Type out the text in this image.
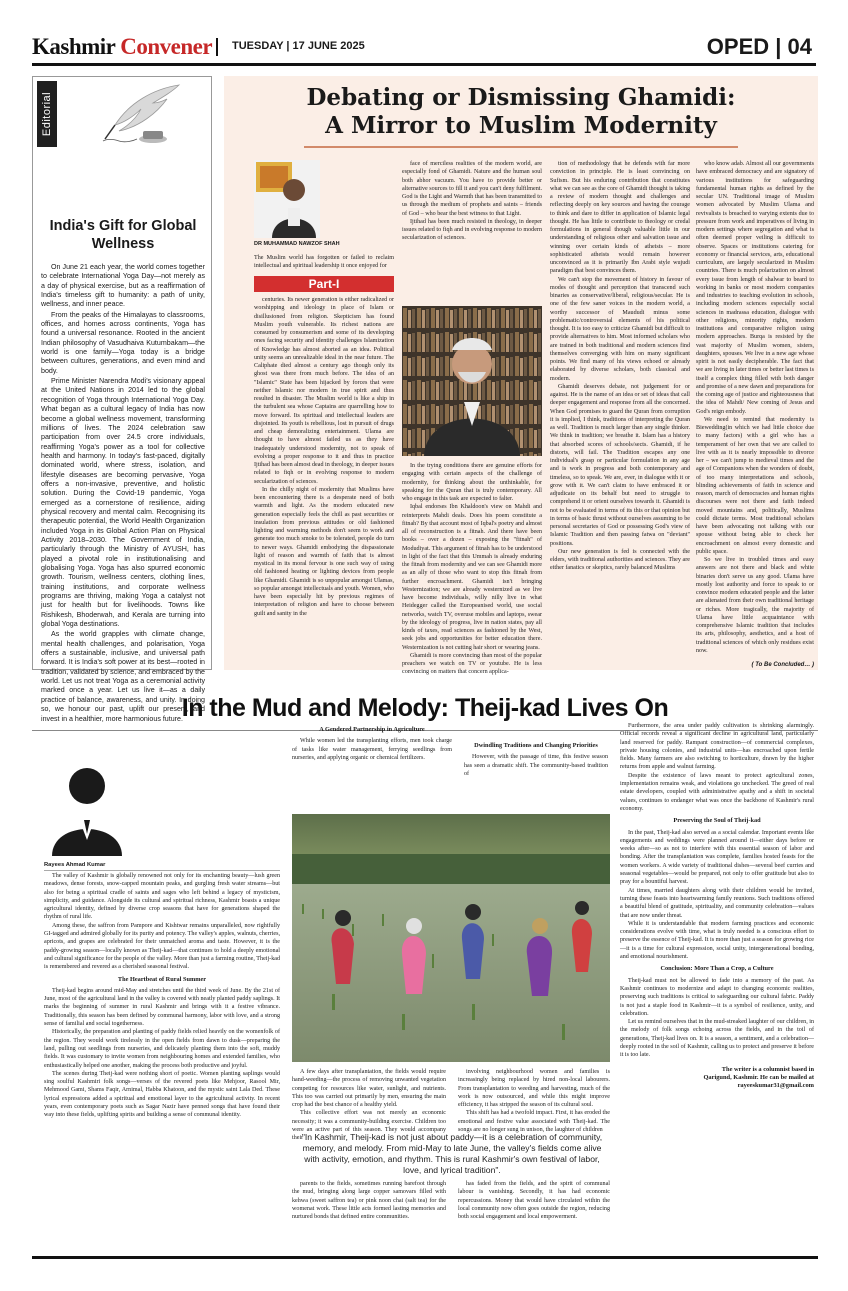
Kashmir Convener TUESDAY | 17 JUNE 2025	OPED | 04
Editorial
India's Gift for Global Wellness

On June 21 each year, the world comes together to celebrate International Yoga Day—not merely as a day of physical exercise, but as a reaffirmation of India's timeless gift to humanity: a path of unity, wellness, and inner peace.

From the peaks of the Himalayas to classrooms, offices, and homes across continents, Yoga has found a universal resonance. Rooted in the ancient Indian philosophy of Vasudhaiva Kutumbakam—the world is one family—Yoga today is a bridge between cultures, generations, and even mind and body.

Prime Minister Narendra Modi's visionary appeal at the United Nations in 2014 led to the global recognition of Yoga through International Yoga Day. What began as a cultural legacy of India has now become a global wellness movement, transforming millions of lives. The 2024 celebration saw participation from over 24.5 crore individuals, reaffirming Yoga's power as a tool for collective health and harmony. In today's fast-paced, digitally dominated world, where stress, isolation, and lifestyle diseases are becoming pervasive, Yoga offers a non-invasive, preventive, and holistic solution. During the Covid-19 pandemic, Yoga emerged as a cornerstone of resilience, aiding physical recovery and mental calm. Recognising its therapeutic potential, the World Health Organization included Yoga in its Global Action Plan on Physical Activity 2018–2030. The Government of India, particularly through the Ministry of AYUSH, has played a pivotal role in institutionalising and globalising Yoga. Yoga has also spurred economic growth. Tourism, wellness centers, clothing lines, training institutions, and corporate wellness programs are thriving, making Yoga a catalyst not just for health but for livelihoods. Towns like Rishikesh, Bhoderwah, and Kerala are turning into global Yoga destinations.

As the world grapples with climate change, mental health challenges, and polarisation, Yoga offers a sustainable, inclusive, and universal path forward. It is India's soft power at its best—rooted in tradition, validated by science, and embraced by the world. Let us not treat Yoga as a ceremonial activity marked once a year. Let us live it—as a daily practice of balance, awareness, and unity. In doing so, we honour our past, uplift our present, and invest in a healthier, more harmonious future.

Debating or Dismissing Ghamidi:
A Mirror to Muslim Modernity
DR MUHAMMAD NAWZOF SHAH
The Muslim world has forgotten or failed to reclaim intellectual and spiritual leadership it once enjoyed for
Part-I

centuries. Its newer generation is either radicalized or worshipping and ideology in place of Islam or disillusioned from religion. Skepticism has found Muslim youth vulnerable. Its richest nations are consumed by consumerism and some of its developing ones facing security and identity challenges Islamization of Knowledge has almost aborted as an idea. Political unity seems an unrealizable ideal in the near future. The Caliphate died almost a century ago though only its ghost was there from much before. The idea of an "Islamic" State has been hijacked by forces that were neither Islamic nor modern in true spirit and thus resulted in disaster. The Muslim world is like a ship in the turbulent sea whose Captains are quarrelling how to move forward. Its spiritual and intellectual leaders are disjointed. Its youth is rebellious, lost in pursuit of drugs and cheap demoralizing entertainment. Ulama are thought to have almost failed us as they have inadequately understood modernity, not to speak of evolving a proper response to it and thus in practice Ijtihad has been almost dead in theology, in deeper issues related to fiqh or in evolving response to modern secularization of sciences.

In the chilly night of modernity that Muslims have been encountering there is a desperate need of both warmth and light. As the modern educated new generation especially feels the chill as past securities or insulation from previous attitudes or old fashioned lighting and warming methods don't seem to work and generate too much smoke to be tolerated, people do turn to newer ways. Ghamidi embodying the dispassionate light of reason and warmth of faith that is almost mystical in its moral fervour is one such way of using old fashioned heating or lighting devices from people like Ghamidi. Ghamidi is so unpopular amongst Ulamas, so popular amongst intellectuals and youth. Women, who have been especially hit by previous regimes of interpretation of religion and have to choose between guilt and sanity in the

face of merciless realities of the modern world, are especially fond of Ghamidi. Nature and the human soul both abhor vacuum. You have to provide better or alternative sources to fill it and you can't deny fulfilment. God is the Light and Warmth that has been transmitted to us through the medium of prophets and saints – friends of God – who bear the best witness to that Light.

Ijtihad has been much resisted in theology, in deeper issues related to fiqh and in evolving response to modern secularization of sciences.

In the trying conditions there are genuine efforts for engaging with certain aspects of the challenge of modernity, for thinking about the unthinkable, for speaking for the Quran that is truly contemporary. All who engage in this task are expected to falter.

Iqbal endorses Ibn Khaldoon's view on Mahdi and reinterprets Mahdi deals. Does his poem constitute a fitnah? By that account most of Iqbal's poetry and almost all of reconstruction is a fitnah. And there have been books – over a dozen – exposing the "fitnah" of Modudiyat. This argument of fitnah has to be understood in light of the fact that this Ummah is already enduring the fitnah from modernity and we can see Ghamidi more as an ally of those who want to stop this fitnah from further encroachment. Ghamidi isn't bringing Westernization; we are already westernized as we live have become individuals, willy nilly live in what Heidegger called the Europeanised world, use social networks, watch TV, overuse mobiles and laptops, swear by the ideology of progress, live in nation states, pay all kinds of taxes, read sciences as fashioned by the West, seek jobs and opportunities for better education there. Westernization is not cutting hair short or wearing jeans.

Ghamidi is more convincing than most of the popular preachers we watch on TV or youtube. He is less convincing on matters that concern applica-

tion of methodology that he defends with far more conviction in principle. He is least convincing on Sufism. But his enduring contribution that constitutes what we can see as the core of Ghamidi thought is taking a review of modern thought and challenges and reflecting deeply on key sources and having the courage to think and dare to differ in application of Islamic legal thought. He has little to contribute to theology or credal formulations in general though valuable little in our understanding of religious other and salvation issue and winning over certain kinds of atheists – more sophisticated atheists would remain however unconvinced as it is primarily Ibn Arabi style wujudi paradigm that best convinces them.

We can't stop the movement of history in favour of modes of thought and perception that transcend such binaries as conservative/liberal, religious/secular. He is one of the few saner voices in the modern world, a worthy successor of Maududi minus some problematic/controversial elements of his political thought. It is too easy to criticize Ghamidi but difficult to provide alternatives to him. Most informed scholars who are trained in both traditional and modern sciences find themselves converging with him on many significant points. We find many of his views echoed or already elaborated by diverse scholars, both classical and modern.

Ghamidi deserves debate, not judgement for or against. He is the name of an idea or set of ideas that call deeper engagement and response from all the concerned. When God promises to guard the Quran from corruption it is implied, I think, traditions of interpreting the Quran as well. Tradition is much larger than any single thinker. We think in tradition; we breathe it. Islam has a history that absorbed scores of schools/sects. Ghamidi, if he distorts, will fail. The Tradition escapes any one individual's grasp or particular formulation in any age and is work in progress and both contemporary and timeless, so to speak. We are, ever, in dialogue with it or grow with it. We can't claim to have embraced it or adjudicate on its behalf but need to struggle to comprehend it or orient ourselves towards it. Ghamidi is not to be evaluated in terms of its this or that opinion but in terms of basic thrust without ourselves assuming to be personal secretaries of God or possessing God's view of Islamic Tradition and then passing fatwa on "deviant" positions.

Our new generation is fed is connected with the elders, with traditional authorities and sciences. They are either fanatics or skeptics, rarely balanced Muslims

who know adab. Almost all our governments have embraced democracy and are signatory of various institutions for safeguarding fundamental human rights as defined by the secular UN. Traditional image of Muslim women advocated by Muslim Ulama and revivalists is breached to varying extents due to pressure from work and imperatives of living in modern settings where segregation and what is often deemed proper veiling is difficult to observe. Spaces or institutions catering for economy or financial services, arts, educational curriculum, are largely secularized in Muslim countries. There is much polarization on almost every issue from length of shalwar to beard to working in banks or most modern companies and industries to teaching evolution in schools, including modern sciences especially social sciences in madrassa education, dialogue with other religions, minority rights, modern institutions and comparative religion using modern approaches. Burqa is resisted by the vast majority of Muslim women, sisters, daughters, spouses. We live in a new age whose spirit is not easily decipherable. The fact that we are living in later times or better last times is itself a complex thing filled with both danger and promise of a new dawn and preparations for the coming age of justice and righteousness that the idea of Mahdi/ New coming of Jesus and God's reign embody.

We need to remind that modernity is Biewedding(in which we had little choice due to many factors) with a girl who has a temperament of her own that we are called to live with as it is nearly impossible to divorce her – we can't jump to medieval times and the age of Companions when the wonders of doubt, of too many interpretations and schools, blinding achievements of faith in science and reason, march of democracies and human rights discourses were not there and faith indeed moved mountains and, politically, Muslims could dictate terms. Most traditional scholars have been advocating not talking with our spouse without being able to check her encroachment on almost every domestic and public space.

So we live in troubled times and easy answers are not there and black and white binaries don't serve us any good. Ulama have mostly lost authority and force to speak to or convince modern educated people and the latter are alienated from their own traditional heritage or riches. More tragically, the majority of Ulama have little acquaintance with comprehensive Islamic tradition that includes its arts, philosophy, aesthetics, and a host of traditional sciences of which only residues exist now.

( To Be Concluded… )
In the Mud and Melody: Theij-kad Lives On
Rayees Ahmad Kumar

The valley of Kashmir is globally renowned not only for its enchanting beauty—lush green meadows, dense forests, snow-capped mountain peaks, and gurgling fresh water streams—but also for being a spiritual cradle of saints and sages who left behind a legacy of mysticism, simplicity, and guidance. Alongside its cultural and spiritual richness, Kashmir boasts a unique agricultural identity, defined by diverse crop seasons that have for generations shaped the rhythm of rural life.

Among these, the saffron from Pampore and Kishtwar remains unparalleled, now rightfully GI-tagged and admired globally for its purity and potency. The valley's apples, walnuts, cherries, apricots, and grapes are celebrated for their unmatched aroma and taste. However, it is the paddy-growing season—locally known as Theij-kad—that continues to hold a deeply emotional and cultural significance for the people of the valley. More than just a farming routine, Theij-kad is remembered and revered as a cherished seasonal festival.

The Heartbeat of Rural Summer

Theij-kad begins around mid-May and stretches until the third week of June. By the 21st of June, most of the agricultural land in the valley is covered with neatly planted paddy saplings. It marks the beginning of summer in rural Kashmir and brings with it a festive vibrance. Traditionally, this season has been defined by communal harmony, labor with love, and a strong sense of familial and social togetherness.

Historically, the preparation and planting of paddy fields relied heavily on the womenfolk of the region. They would work tirelessly in the open fields from dawn to dusk—preparing the land, pulling out seedlings from nurseries, and delicately planting them into the soft, muddy fields. It was customary to invite women from neighbouring homes and extended families, who enthusiastically helped one another, making the process both productive and joyful.

The scenes during Theij-kad were nothing short of poetic. Women planting saplings would sing soulful Kashmiri folk songs—verses of the revered poets like Mehjoor, Rasool Mir, Mehmood Gami, Shams Faqir, Arnimal, Habba Khatoon, and the mystic saint Lala Ded. These lyrical expressions added a spiritual and emotional layer to the agricultural activity. In recent years, even contemporary poets such as Sagar Nazir have penned songs that have found their way into these fields, uplifting spirits and building a sense of communal identity.

A Gendered Partnership in Agriculture

While women led the transplanting efforts, men took charge of tasks like water management, ferrying seedlings from nurseries, and applying organic or chemical fertilizers.

Dwindling Traditions and Changing Priorities

However, with the passage of time, this festive season has seen a dramatic shift. The community-based tradition of

A few days after transplantation, the fields would require hand-weeding—the process of removing unwanted vegetation competing for resources like water, sunlight, and nutrients. This too was carried out primarily by men, ensuring the main crop had the best chance of a healthy yield.

This collective effort was not merely an economic necessity; it was a community-building exercise. Children too were an active part of this season. They would accompany their

involving neighbourhood women and families is increasingly being replaced by hired non-local labourers. From transplantation to weeding and harvesting, much of the work is now outsourced, and while this might improve efficiency, it has stripped the season of its cultural soul.

This shift has had a twofold impact. First, it has eroded the emotional and festive value associated with Theij-kad. The songs are no longer sung in unison, the laughter of children

"In Kashmir, Theij-kad is not just about paddy—it is a celebration of community, memory, and melody. From mid-May to late June, the valley's fields come alive with activity, emotion, and rhythm. This is rural Kashmir's own festival of labor, love, and lyrical tradition".

parents to the fields, sometimes running barefoot through the mud, bringing along large copper samovars filled with kehwa (sweet saffron tea) or pink noon chai (salt tea) for the womenat work. These little acts formed lasting memories and nurtured bonds that defined entire communities.

has faded from the fields, and the spirit of communal labour is vanishing. Secondly, it has had economic repercussions. Money that would have circulated within the local community now often goes outside the region, reducing both social engagement and local empowerment.

Furthermore, the area under paddy cultivation is shrinking alarmingly. Official records reveal a significant decline in agricultural land, particularly land reserved for paddy. Rampant construction—of commercial complexes, private housing colonies, and industrial units—has encroached upon fertile fields. Many farmers are also switching to horticulture, drawn by the higher returns from apple and walnut farming.

Despite the existence of laws meant to protect agricultural zones, implementation remains weak, and violations go unchecked. The greed of real estate developers, coupled with administrative apathy and a shift in societal values, continues to endanger what was once the backbone of Kashmir's rural economy.

Preserving the Soul of Theij-kad

In the past, Theij-kad also served as a social calendar. Important events like engagements and weddings were planned around it—either days before or weeks after—so as not to interfere with this essential season of labor and bonding. After the transplantation was complete, families hosted feasts for the women workers. A wide variety of traditional dishes—several beef curries and seasonal vegetables—would be prepared, not only to offer gratitude but also to pray for a bountiful harvest.

At times, married daughters along with their children would be invited, turning these feasts into heartwarming family reunions. Such traditions offered a beautiful blend of gratitude, spirituality, and community celebration—values that are now under threat.

While it is understandable that modern farming practices and economic considerations evolve with time, what is truly needed is a conscious effort to preserve the essence of Theij-kad. It is more than just a season for growing rice—it is a time for cultural expression, social unity, intergenerational bonding, and emotional nourishment.

Conclusion: More Than a Crop, a Culture

Theij-kad must not be allowed to fade into a memory of the past. As Kashmir continues to modernize and adapt to changing economic realities, preserving such traditions is critical to safeguarding our cultural fabric. Paddy is not just a staple food in Kashmir—it is a symbol of resilience, unity, and celebration.

Let us remind ourselves that in the mud-streaked laughter of our children, in the melody of folk songs echoing across the fields, and in the toil of generations, Theij-kad lives on. It is a season, a sentiment, and a celebration—deeply rooted in the soil of Kashmir, calling us to protect and preserve it before it is too late.

The writer is a columnist based in
Qarigund, Kashmir. He can be mailed at
rayeeskumar31@gmail.com
